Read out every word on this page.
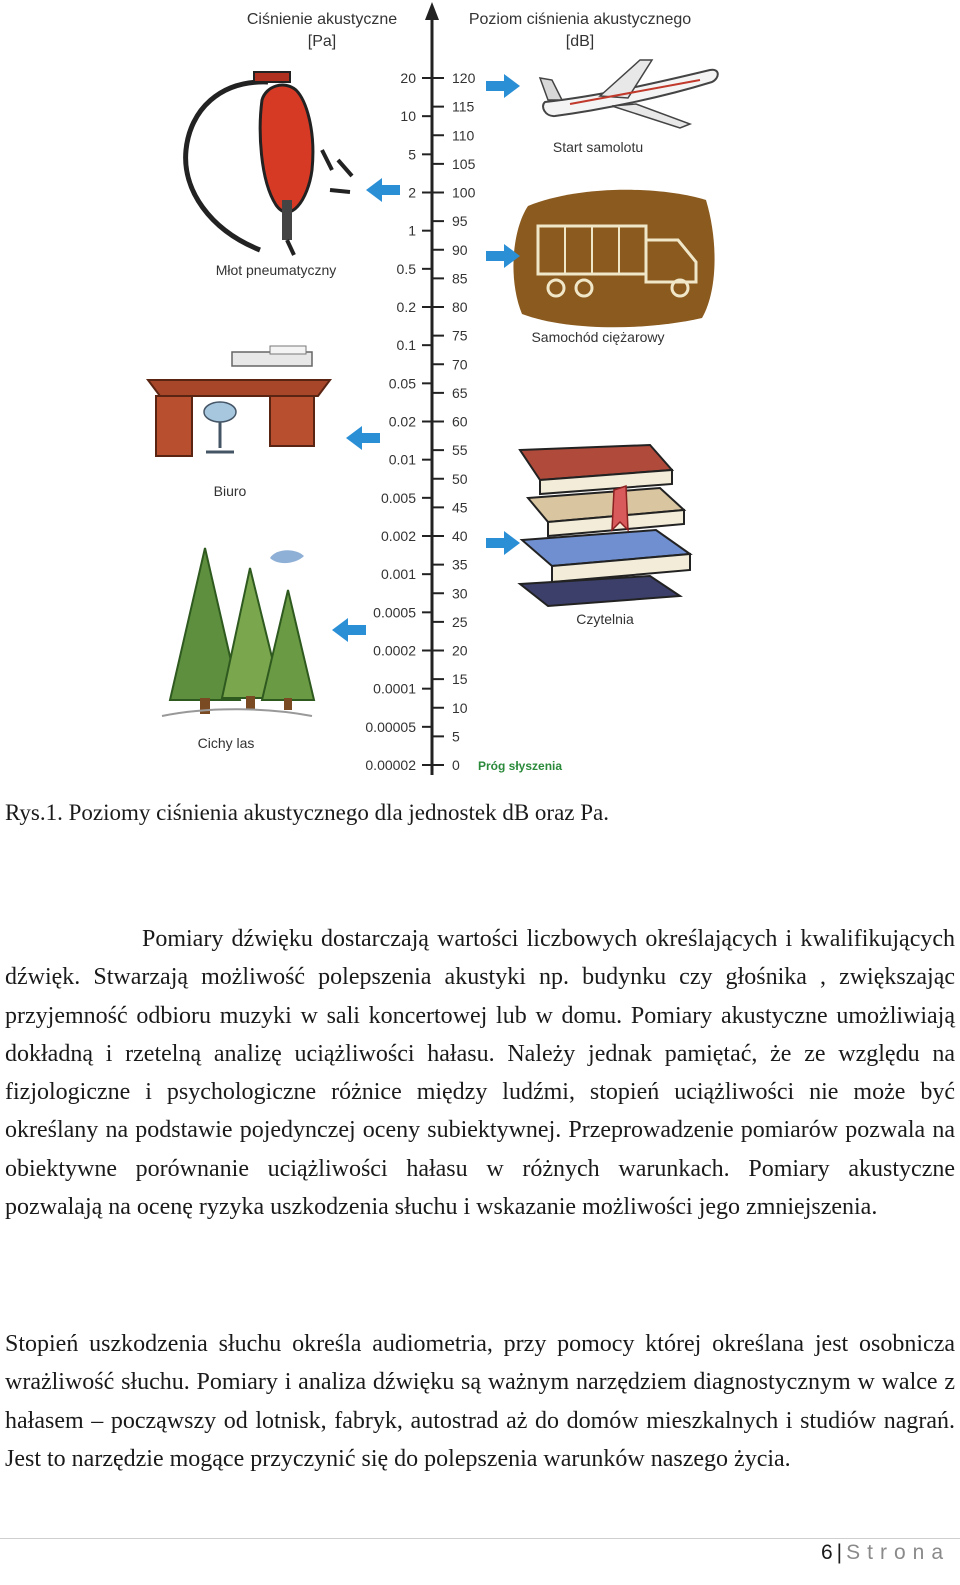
Ciśnienie akustyczne
[Pa]
Poziom ciśnienia akustycznego
[dB]
120
115
110
105
100
95
90
85
80
75
70
65
60
55
50
45
40
35
30
25
20
15
10
5
0
20
10
5
2
1
0.5
0.2
0.1
0.05
0.02
0.01
0.005
0.002
0.001
0.0005
0.0002
0.0001
0.00005
0.00002	Próg słyszenia
Start samolotu
Młot pneumatyczny
Samochód ciężarowy
Biuro
Czytelnia
Cichy las
Rys.1. Poziomy ciśnienia akustycznego dla jednostek dB oraz Pa.
Pomiary dźwięku dostarczają wartości liczbowych określających i kwalifikujących dźwięk. Stwarzają możliwość polepszenia akustyki np. budynku czy głośnika , zwiększając przyjemność odbioru muzyki w sali koncertowej lub w domu. Pomiary akustyczne umożliwiają dokładną i rzetelną analizę uciążliwości hałasu. Należy jednak pamiętać, że ze względu na fizjologiczne i psychologiczne różnice między ludźmi, stopień uciążliwości nie może być określany na podstawie pojedynczej oceny subiektywnej. Przeprowadzenie pomiarów pozwala na obiektywne porównanie uciążliwości hałasu w różnych warunkach. Pomiary akustyczne pozwalają na ocenę ryzyka uszkodzenia słuchu i wskazanie możliwości jego zmniejszenia.
Stopień uszkodzenia słuchu określa audiometria, przy pomocy której określana jest osobnicza wrażliwość słuchu. Pomiary i analiza dźwięku są ważnym narzędziem diagnostycznym w walce z hałasem – począwszy od lotnisk, fabryk, autostrad aż do domów mieszkalnych i studiów nagrań. Jest to narzędzie mogące przyczynić się do polepszenia warunków naszego życia.
6 | Strona
